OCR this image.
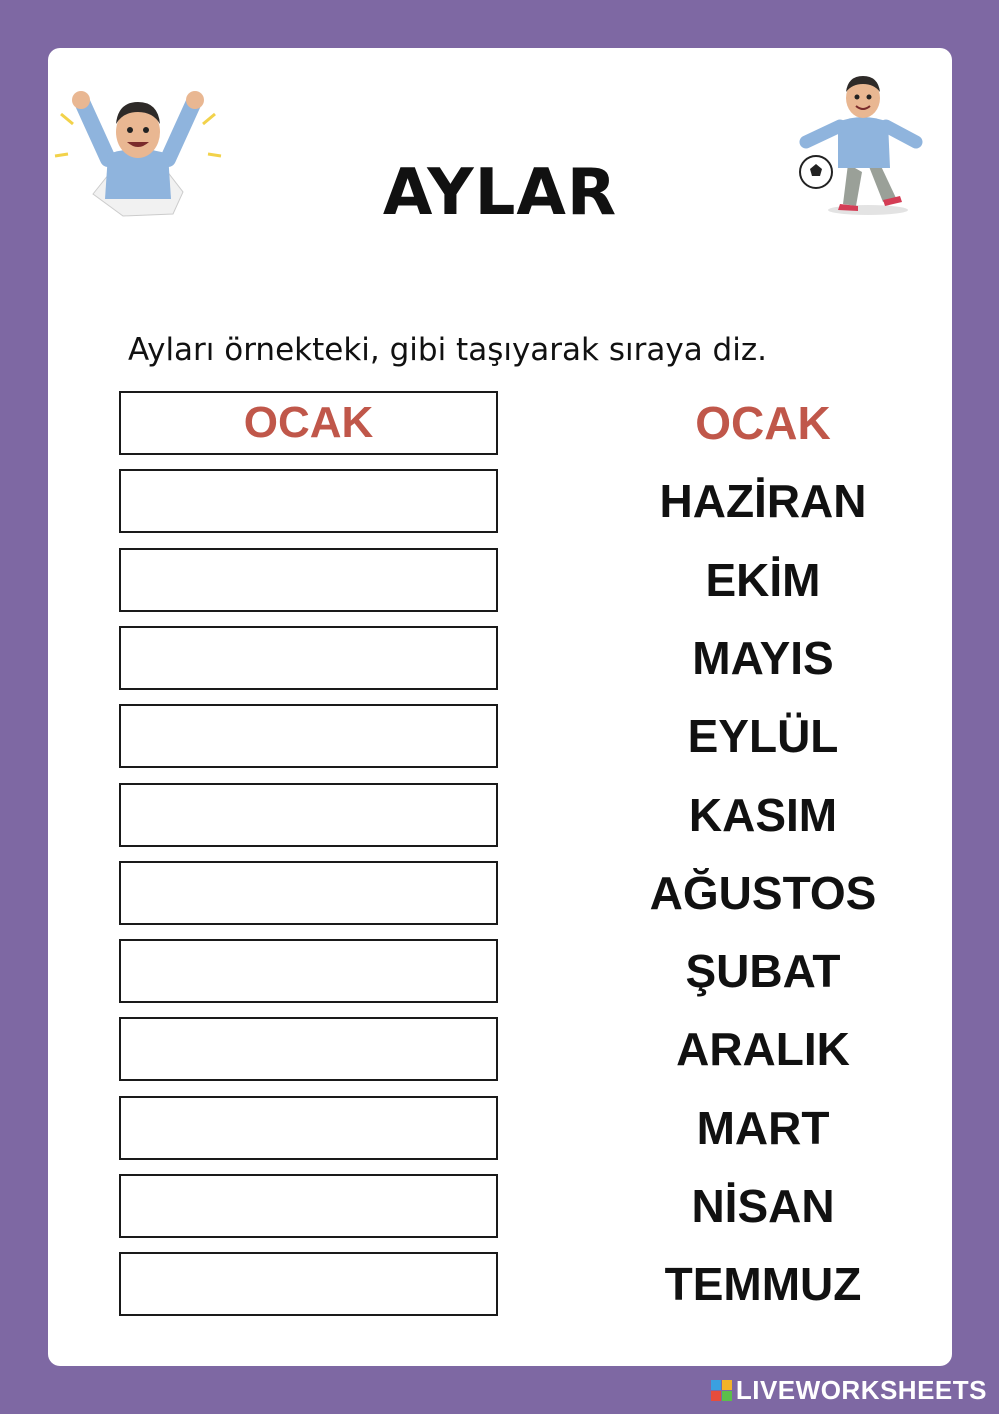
AYLAR
Ayları örnekteki, gibi taşıyarak sıraya diz.
OCAK	OCAK
HAZİRAN
EKİM
MAYIS
EYLÜL
KASIM
AĞUSTOS
ŞUBAT
ARALIK
MART
NİSAN
TEMMUZ
LIVEWORKSHEETS
